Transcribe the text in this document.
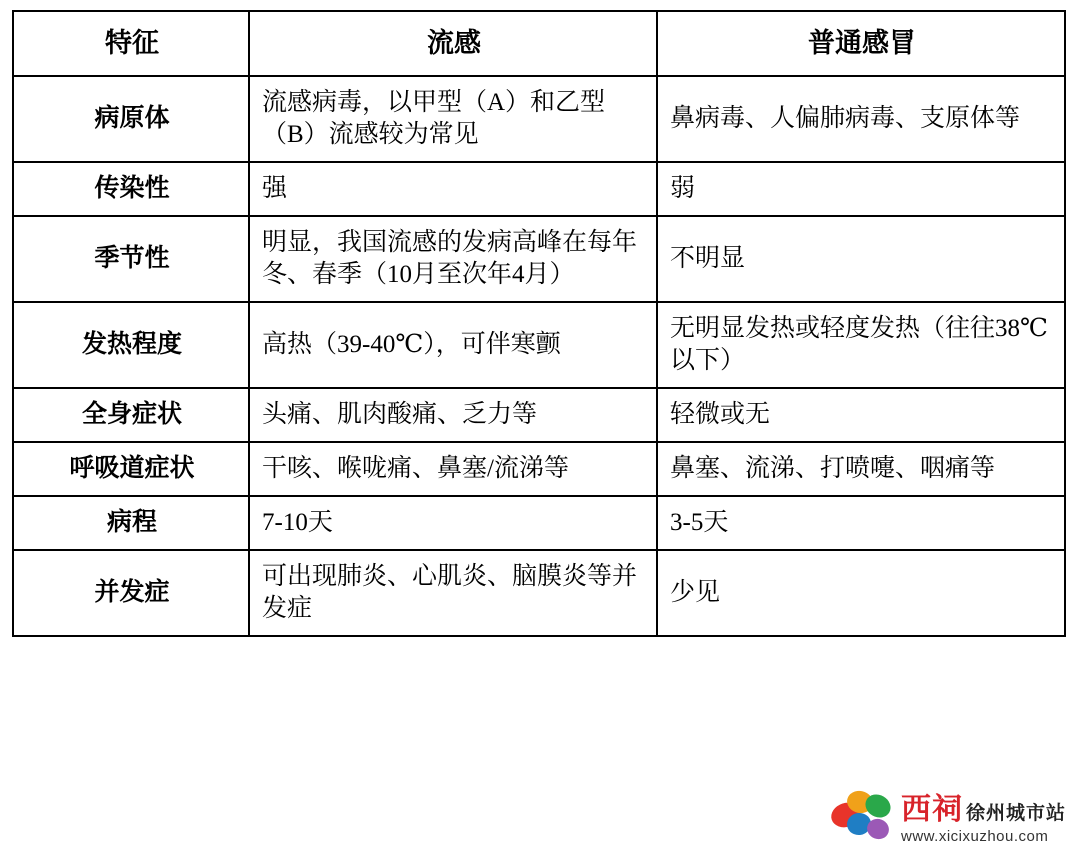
特征	流感	普通感冒
病原体	流感病毒，以甲型（A）和乙型（B）流感较为常见	鼻病毒、人偏肺病毒、支原体等
传染性	强	弱
季节性	明显，我国流感的发病高峰在每年冬、春季（10月至次年4月）	不明显
发热程度	高热（39-40℃），可伴寒颤	无明显发热或轻度发热（往往38℃以下）
全身症状	头痛、肌肉酸痛、乏力等	轻微或无
呼吸道症状	干咳、喉咙痛、鼻塞/流涕等	鼻塞、流涕、打喷嚏、咽痛等
病程	7-10天	3-5天
并发症	可出现肺炎、心肌炎、脑膜炎等并发症	少见
西祠 徐州城市站
www.xicixuzhou.com
